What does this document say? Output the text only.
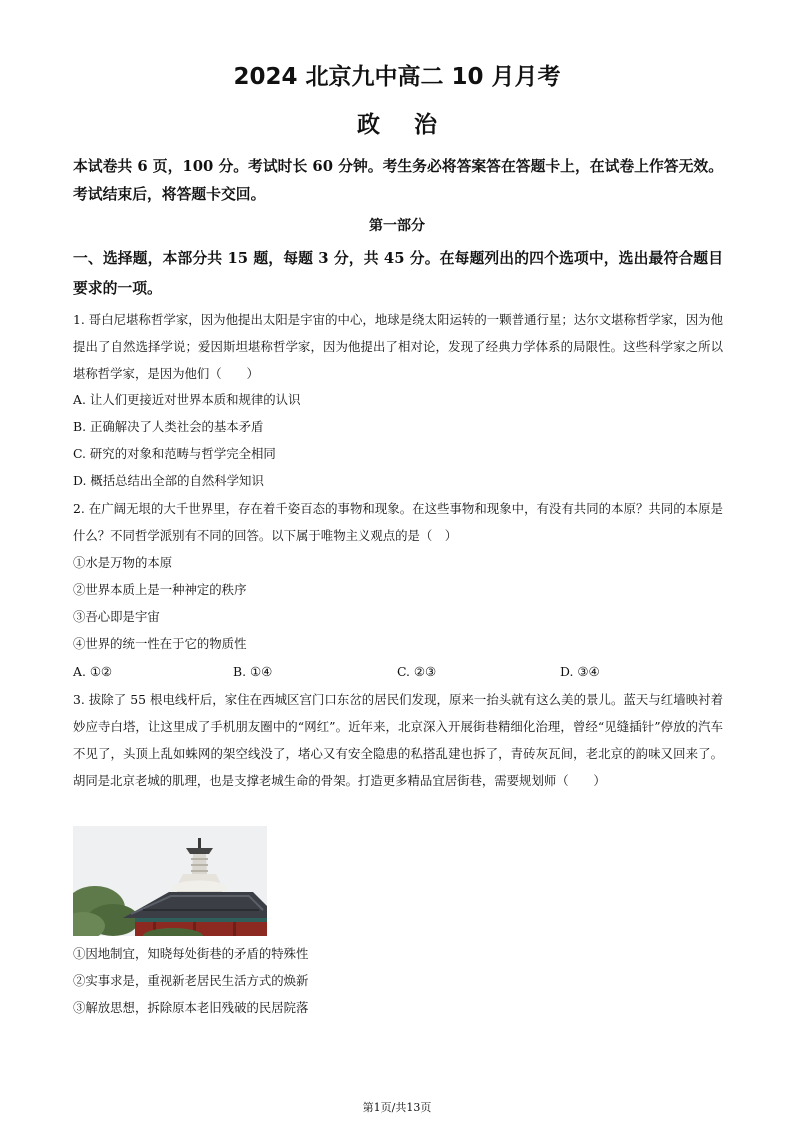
2024 北京九中高二 10 月月考
政治

本试卷共 6 页，100 分。考试时长 60 分钟。考生务必将答案答在答题卡上，在试卷上作答无效。考试结束后，将答题卡交回。

第一部分

一、选择题，本部分共 15 题，每题 3 分，共 45 分。在每题列出的四个选项中，选出最符合题目要求的一项。

1. 哥白尼堪称哲学家，因为他提出太阳是宇宙的中心，地球是绕太阳运转的一颗普通行星；达尔文堪称哲学家，因为他提出了自然选择学说；爱因斯坦堪称哲学家，因为他提出了相对论，发现了经典力学体系的局限性。这些科学家之所以堪称哲学家，是因为他们（　　）

A. 让人们更接近对世界本质和规律的认识

B. 正确解决了人类社会的基本矛盾

C. 研究的对象和范畴与哲学完全相同

D. 概括总结出全部的自然科学知识

2. 在广阔无垠的大千世界里，存在着千姿百态的事物和现象。在这些事物和现象中，有没有共同的本原？共同的本原是什么？不同哲学派别有不同的回答。以下属于唯物主义观点的是（　）

①水是万物的本原

②世界本质上是一种神定的秩序

③吾心即是宇宙

④世界的统一性在于它的物质性

A. ①②	B. ①④	C. ②③	D. ③④

3. 拔除了 55 根电线杆后，家住在西城区宫门口东岔的居民们发现，原来一抬头就有这么美的景儿。蓝天与红墙映衬着妙应寺白塔，让这里成了手机朋友圈中的“网红”。近年来，北京深入开展街巷精细化治理，曾经“见缝插针”停放的汽车不见了，头顶上乱如蛛网的架空线没了，堵心又有安全隐患的私搭乱建也拆了，青砖灰瓦间，老北京的韵味又回来了。胡同是北京老城的肌理，也是支撑老城生命的骨架。打造更多精品宜居街巷，需要规划师（　　）

①因地制宜，知晓每处街巷的矛盾的特殊性

②实事求是，重视新老居民生活方式的焕新

③解放思想，拆除原本老旧残破的民居院落

第1页/共13页
